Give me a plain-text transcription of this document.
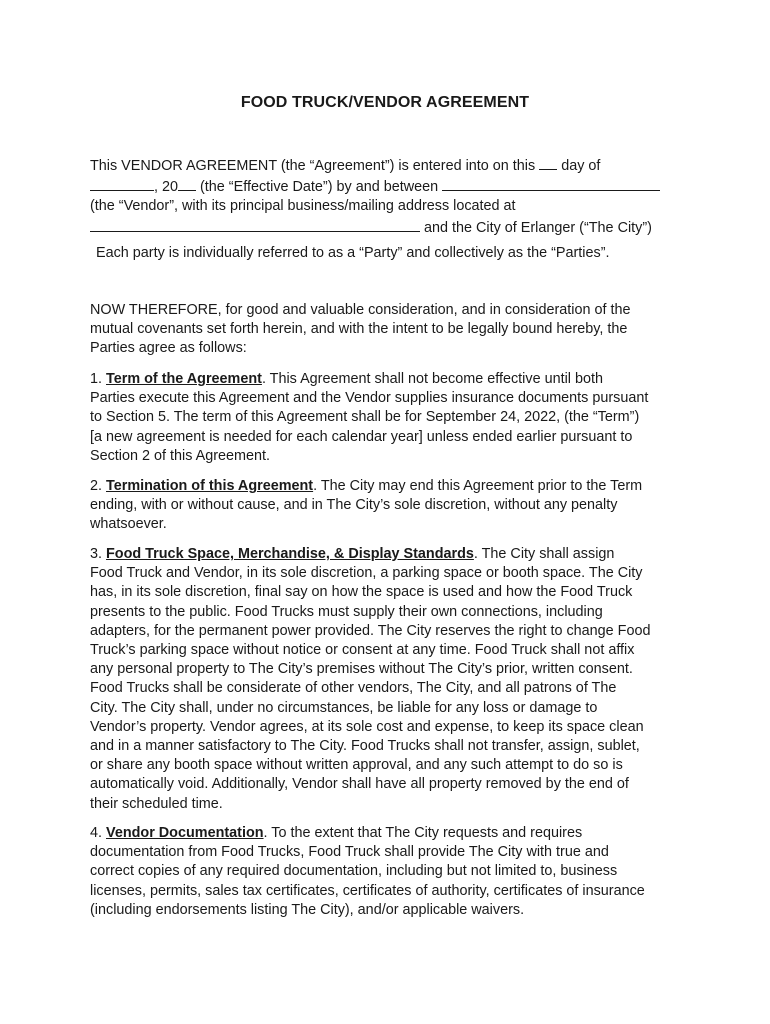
FOOD TRUCK/VENDOR AGREEMENT
This VENDOR AGREEMENT (the “Agreement”) is entered into on this day of
, 20 (the “Effective Date”) by and between
(the “Vendor”, with its principal business/mailing address located at
and the City of Erlanger (“The City”)
Each party is individually referred to as a “Party” and collectively as the “Parties”.
NOW THEREFORE, for good and valuable consideration, and in consideration of the
mutual covenants set forth herein, and with the intent to be legally bound hereby, the
Parties agree as follows:
1. Term of the Agreement. This Agreement shall not become effective until both
Parties execute this Agreement and the Vendor supplies insurance documents pursuant
to Section 5. The term of this Agreement shall be for September 24, 2022, (the “Term”)
[a new agreement is needed for each calendar year] unless ended earlier pursuant to
Section 2 of this Agreement.
2. Termination of this Agreement. The City may end this Agreement prior to the Term
ending, with or without cause, and in The City’s sole discretion, without any penalty
whatsoever.
3. Food Truck Space, Merchandise, & Display Standards. The City shall assign
Food Truck and Vendor, in its sole discretion, a parking space or booth space. The City
has, in its sole discretion, final say on how the space is used and how the Food Truck
presents to the public. Food Trucks must supply their own connections, including
adapters, for the permanent power provided. The City reserves the right to change Food
Truck’s parking space without notice or consent at any time. Food Truck shall not affix
any personal property to The City’s premises without The City’s prior, written consent.
Food Trucks shall be considerate of other vendors, The City, and all patrons of The
City. The City shall, under no circumstances, be liable for any loss or damage to
Vendor’s property. Vendor agrees, at its sole cost and expense, to keep its space clean
and in a manner satisfactory to The City. Food Trucks shall not transfer, assign, sublet,
or share any booth space without written approval, and any such attempt to do so is
automatically void. Additionally, Vendor shall have all property removed by the end of
their scheduled time.
4. Vendor Documentation. To the extent that The City requests and requires
documentation from Food Trucks, Food Truck shall provide The City with true and
correct copies of any required documentation, including but not limited to, business
licenses, permits, sales tax certificates, certificates of authority, certificates of insurance
(including endorsements listing The City), and/or applicable waivers.
